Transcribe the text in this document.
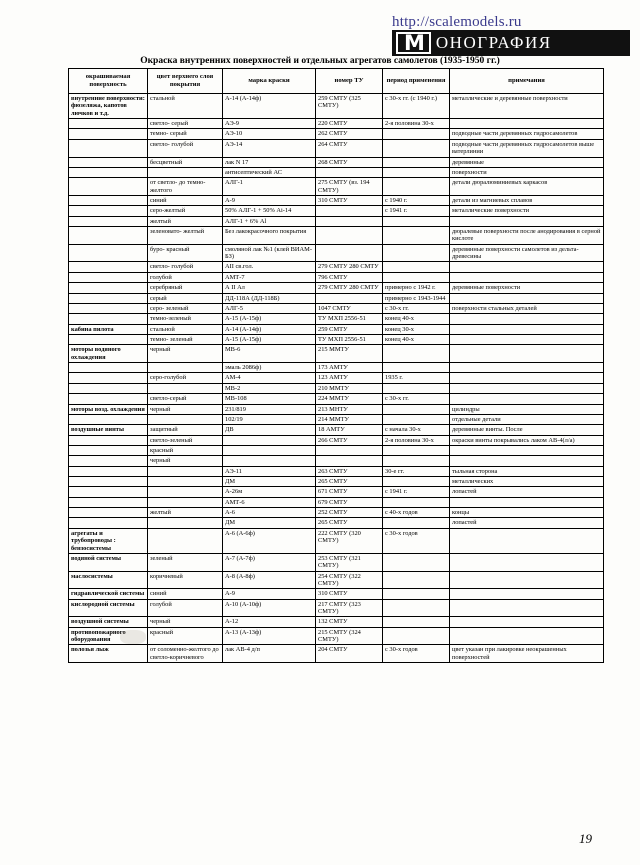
http://scalemodels.ru
M ОНОГРАФИЯ
Окраска внутренних поверхностей и отдельных агрегатов самолетов (1935-1950 гг.)
окрашиваемая поверхность	цвет верхнего слоя покрытия	марка краски	номер ТУ	период применения	примечания
внутренние поверхности: фюзеляжа, капотов лючков и т.д.	стальной	А-14 (А-14ф)	259 СМТУ (325 СМТУ)	с 30-х гг. (с 1940 г.)	металлические и деревянные поверхности
	светло- серый	АЭ-9	220 СМТУ	2-я половина 30-х	
	темно- серый	АЭ-10	262 СМТУ		подводные части деревянных гидросамолетов
	светло- голубой	АЭ-14	264 СМТУ		подводные части деревянных гидросамолетов выше ватерлинии
	бесцветный	лак N 17	268 СМТУ		деревянные
		антисептический АС			поверхности
	от светло- до темно- желтого	АЛГ-1	275 СМТУ (вз. 194 СМТУ)		детали дюралюминиевых каркасов
	синий	А-9	310 СМТУ	с 1940 г.	детали из магниевых сплавов
	серо-желтый	50% АЛГ-1 + 50% Ai-14		с 1941 г.	металлические поверхности
	желтый	АЛГ-1 + 6% Al			
	зеленовато- желтый	Без лакокрасочного покрытия			дюралевые поверхности после анодирования в серной кислоте
	буро- красный	смоляной лак №1 (клей ВИАМ-БЗ)			деревянные поверхности самолетов из дельта-древесины
	светло- голубой	АII св.гол.	279 СМТУ 280 СМТУ		
	голубой	АМТ-7	796 СМТУ		
	серебряный	А II Ал	279 СМТУ 280 СМТУ	примерно с 1942 г.	деревянные поверхности
	серый	ДД-118А (ДД-118Б)		примерно с 1943-1944	
	серо- зеленый	АЛГ-5	1047 СМТУ	с 30-х гг.	поверхности стальных деталей
	темно-зеленый	А-15 (А-15ф)	ТУ МХП 2556-51	конец 40-х	
кабина пилота	стальной	А-14 (А-14ф)	259 СМТУ	конец 30-х	
	темно- зеленый	А-15 (А-15ф)	ТУ МХП 2556-51	конец 40-х	
моторы водяного охлаждения	черный	МВ-6	215 ММТУ		
		эмаль 2086ф)	173 АМТУ		
	серо-голубой	АМ-4	123 АМТУ	1935 г.	
		МВ-2	210 ММТУ		
	светло-серый	МВ-108	224 ММТУ	с 30-х гг.	
моторы возд. охлаждения	черный	231/819	213 МНТУ		цилиндры
		102/19	214 ММТУ		отдельные детали
воздушные винты	защитный	ДВ	18 АМТУ	с начала 30-х	деревянные винты. После
	светло-зеленый		266 СМТУ	2-я половина 30-х	окраски винты покрывались лаком АВ-4(л/а)
	красный				
	черный				
		АЭ-11	263 СМТУ	30-е гг.	тыльная сторона
		ДМ	265 СМТУ		металлических
		А-26м	671 СМТУ	с 1941 г.	лопастей
		АМТ-6	679 СМТУ		
	желтый	А-6	252 СМТУ	с 40-х годов	концы
		ДМ	265 СМТУ		лопастей
агрегаты и трубопроводы : бензосистемы		А-6 (А-6ф)	222 СМТУ (320 СМТУ)	с 30-х годов	
водяной системы	зеленый	А-7 (А-7ф)	253 СМТУ (321 СМТУ)		
маслосистемы	коричневый	А-8 (А-8ф)	254 СМТУ (322 СМТУ)		
гидравлической системы	синий	А-9	310 СМТУ		
кислородной системы	голубой	А-10 (А-10ф)	217 СМТУ (323 СМТУ)		
воздушной системы	черный	А-12	132 СМТУ		
противопожарного оборудования	красный	А-13 (А-13ф)	215 СМТУ (324 СМТУ)		
полозья лыж	от соломенно-желтого до светло-коричневого	лак АВ-4 д/п	204 СМТУ	с 30-х годов	цвет указан при лакировке неокрашенных поверхностей
19
